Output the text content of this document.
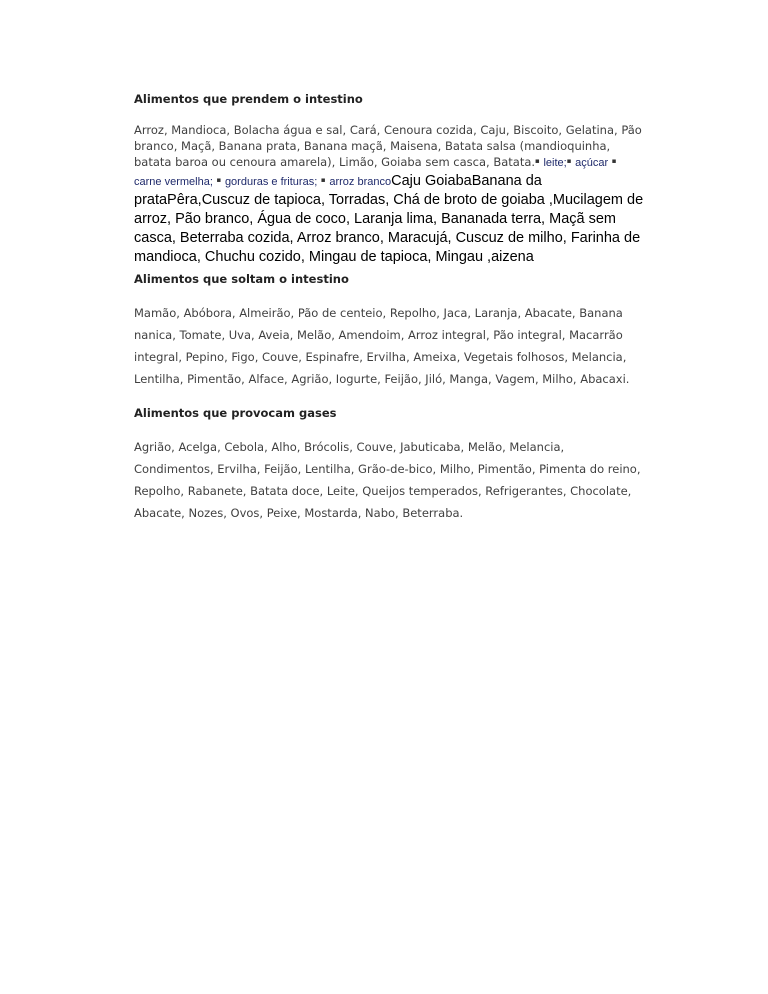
Alimentos que prendem o intestino
Arroz, Mandioca, Bolacha água e sal, Cará, Cenoura cozida, Caju, Biscoito, Gelatina, Pão branco, Maçã, Banana prata, Banana maçã, Maisena, Batata salsa (mandioquinha, batata baroa ou cenoura amarela), Limão, Goiaba sem casca, Batata.▪ leite;▪ açúcar ▪ carne vermelha; ▪ gorduras e frituras; ▪ arroz brancoCaju GoiabaBanana da prataPêra,Cuscuz de tapioca, Torradas, Chá de broto de goiaba ,Mucilagem de arroz, Pão branco, Água de coco, Laranja lima, Bananada terra, Maçã sem casca, Beterraba cozida, Arroz branco, Maracujá, Cuscuz de milho, Farinha de mandioca, Chuchu cozido, Mingau de tapioca, Mingau ,aizena
Alimentos que soltam o intestino

Mamão, Abóbora, Almeirão, Pão de centeio, Repolho, Jaca, Laranja, Abacate, Banana nanica, Tomate, Uva, Aveia, Melão, Amendoim, Arroz integral, Pão integral, Macarrão integral, Pepino, Figo, Couve, Espinafre, Ervilha, Ameixa, Vegetais folhosos, Melancia, Lentilha, Pimentão, Alface, Agrião, Iogurte, Feijão, Jiló, Manga, Vagem, Milho, Abacaxi.

Alimentos que provocam gases

Agrião, Acelga, Cebola, Alho, Brócolis, Couve, Jabuticaba, Melão, Melancia, Condimentos, Ervilha, Feijão, Lentilha, Grão-de-bico, Milho, Pimentão, Pimenta do reino, Repolho, Rabanete, Batata doce, Leite, Queijos temperados, Refrigerantes, Chocolate, Abacate, Nozes, Ovos, Peixe, Mostarda, Nabo, Beterraba.
